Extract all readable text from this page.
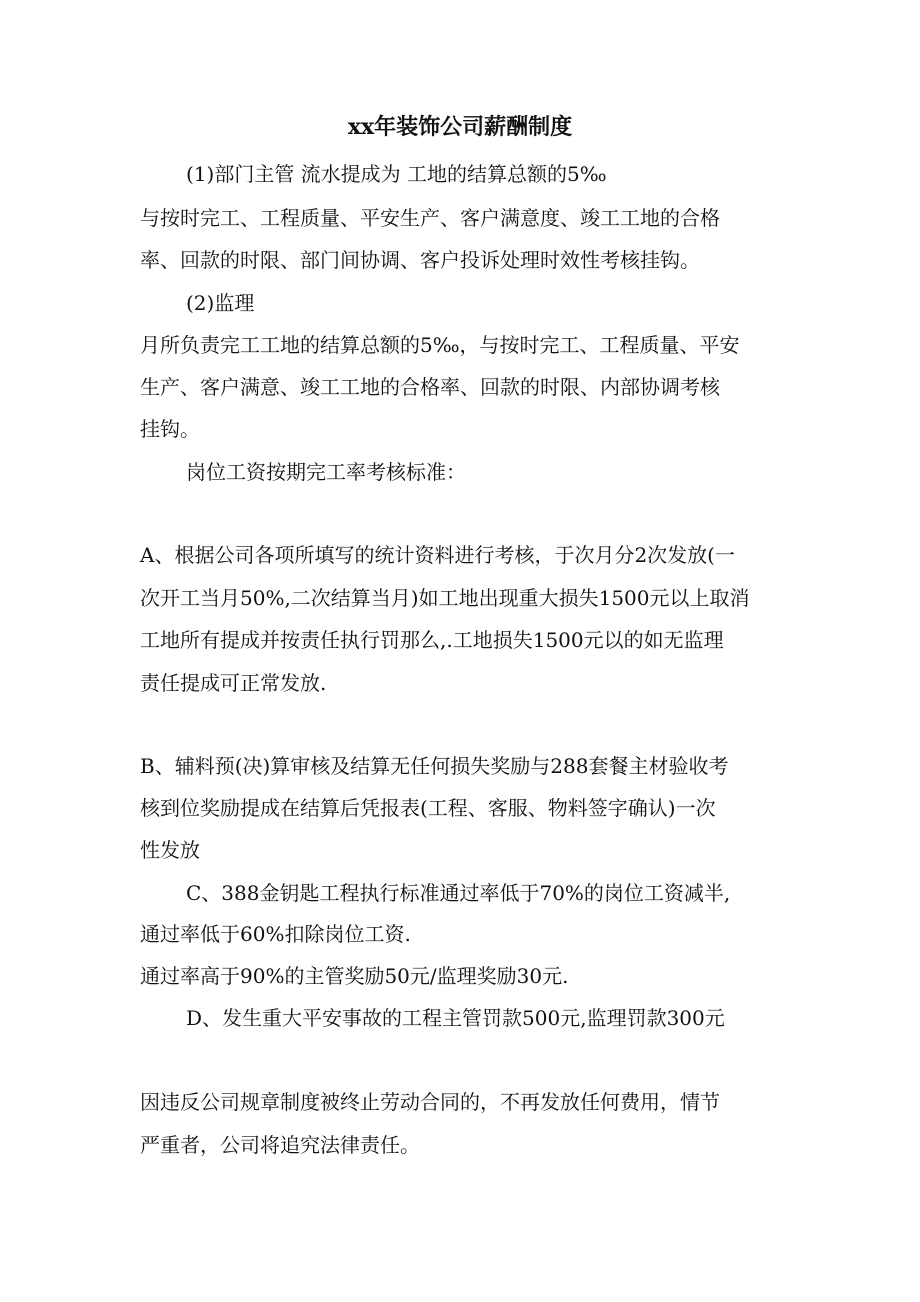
xx年装饰公司薪酬制度

(1)部门主管 流水提成为 工地的结算总额的5‰

与按时完工、工程质量、平安生产、客户满意度、竣工工地的合格

率、回款的时限、部门间协调、客户投诉处理时效性考核挂钩。

(2)监理

月所负责完工工地的结算总额的5‰，与按时完工、工程质量、平安

生产、客户满意、竣工工地的合格率、回款的时限、内部协调考核

挂钩。

岗位工资按期完工率考核标准：

A、根据公司各项所填写的统计资料进行考核，于次月分2次发放(一

次开工当月50%,二次结算当月)如工地出现重大损失1500元以上取消

工地所有提成并按责任执行罚那么,.工地损失1500元以的如无监理

责任提成可正常发放.

B、辅料预(决)算审核及结算无任何损失奖励与288套餐主材验收考

核到位奖励提成在结算后凭报表(工程、客服、物料签字确认)一次

性发放

C、388金钥匙工程执行标准通过率低于70%的岗位工资减半,

通过率低于60%扣除岗位工资.

通过率高于90%的主管奖励50元/监理奖励30元.

D、发生重大平安事故的工程主管罚款500元,监理罚款300元

因违反公司规章制度被终止劳动合同的，不再发放任何费用，情节

严重者，公司将追究法律责任。
